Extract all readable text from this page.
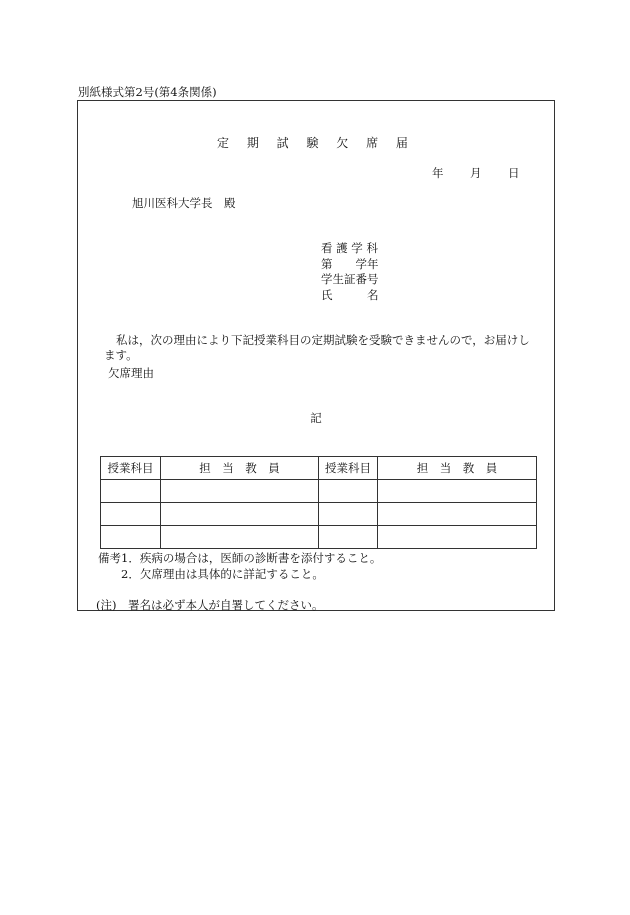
別紙様式第2号(第4条関係)
定 期 試 験 欠 席 届
年 月 日
旭川医科大学長　殿
看 護 学 科
第　　学年
学生証番号
氏　　　名
私は，次の理由により下記授業科目の定期試験を受験できませんので，お届けします。
欠席理由
記
授業科目	担　当　教　員	授業科目	担　当　教　員

備考1．疾病の場合は，医師の診断書を添付すること。
　　2．欠席理由は具体的に詳記すること。
(注)　署名は必ず本人が自署してください。
